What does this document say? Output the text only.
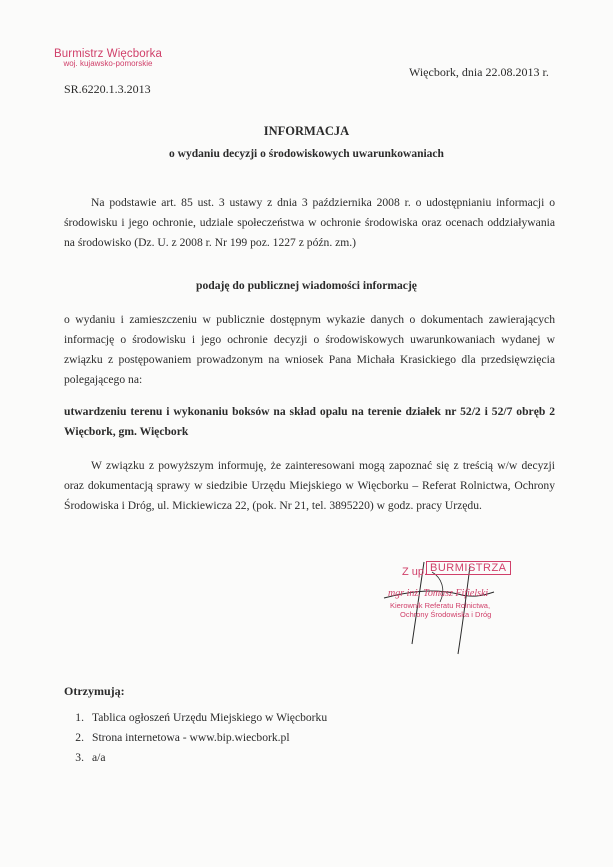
Burmistrz Więcborka
woj. kujawsko-pomorskie
SR.6220.1.3.2013
Więcbork, dnia 22.08.2013 r.
INFORMACJA
o wydaniu decyzji o środowiskowych uwarunkowaniach
Na podstawie art. 85 ust. 3 ustawy z dnia 3 października 2008 r. o udostępnianiu informacji o środowisku i jego ochronie, udziale społeczeństwa w ochronie środowiska oraz ocenach oddziaływania na środowisko (Dz. U. z 2008 r. Nr 199 poz. 1227 z późn. zm.)
podaję do publicznej wiadomości informację
o wydaniu i zamieszczeniu w publicznie dostępnym wykazie danych o dokumentach zawierających informację o środowisku i jego ochronie decyzji o środowiskowych uwarunkowaniach wydanej w związku z postępowaniem prowadzonym na wniosek Pana Michała Krasickiego dla przedsięwzięcia polegającego na:
utwardzeniu terenu i wykonaniu boksów na skład opalu na terenie działek nr 52/2 i 52/7 obręb 2 Więcbork, gm. Więcbork
W związku z powyższym informuję, że zainteresowani mogą zapoznać się z treścią w/w decyzji oraz dokumentacją sprawy w siedzibie Urzędu Miejskiego w Więcborku – Referat Rolnictwa, Ochrony Środowiska i Dróg, ul. Mickiewicza 22, (pok. Nr 21, tel. 3895220) w godz. pracy Urzędu.
Z up. BURMISTRZA
mgr inż. Tomasz Fifielski
Kierownik Referatu Rolnictwa,
Ochrony Środowiska i Dróg
Otrzymują:
1. Tablica ogłoszeń Urzędu Miejskiego w Więcborku
2. Strona internetowa - www.bip.wiecbork.pl
3. a/a
